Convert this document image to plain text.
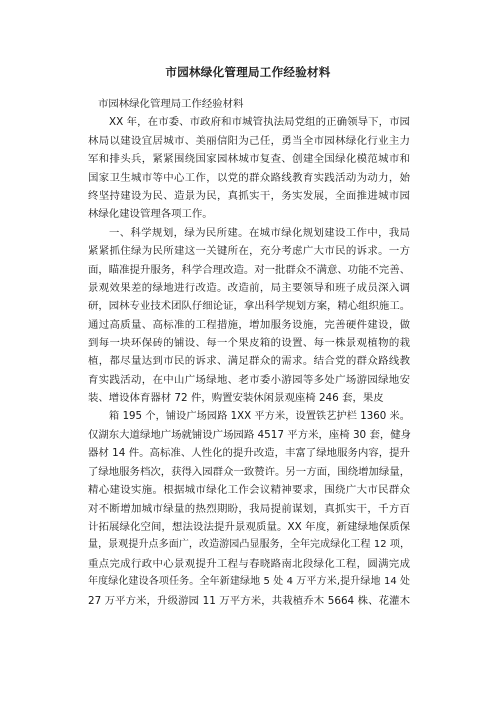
市园林绿化管理局工作经验材料
市园林绿化管理局工作经验材料
XX 年，在市委、市政府和市城管执法局党组的正确领导下，市园
林局以建设宜居城市、美丽信阳为己任，勇当全市园林绿化行业主力
军和排头兵，紧紧围绕国家园林城市复查、创建全国绿化模范城市和
国家卫生城市等中心工作，以党的群众路线教育实践活动为动力，始
终坚持建设为民、造景为民，真抓实干，务实发展，全面推进城市园
林绿化建设管理各项工作。
一、科学规划，绿为民所建。在城市绿化规划建设工作中，我局
紧紧抓住绿为民所建这一关键所在，充分考虑广大市民的诉求。一方
面，瞄准提升服务，科学合理改造。对一批群众不满意、功能不完善、
景观效果差的绿地进行改造。改造前，局主要领导和班子成员深入调
研，园林专业技术团队仔细论证，拿出科学规划方案，精心组织施工。
通过高质量、高标准的工程措施，增加服务设施，完善硬件建设，做
到每一块环保砖的铺设、每一个果皮箱的设置、每一株景观植物的栽
植，都尽量达到市民的诉求、满足群众的需求。结合党的群众路线教
育实践活动，在中山广场绿地、老市委小游园等多处广场游园绿地安
装、增设体育器材 72 件，购置安装休闲景观座椅 246 套，果皮
箱 195 个，铺设广场园路 1XX 平方米，设置铁艺护栏 1360 米。
仅湖东大道绿地广场就铺设广场园路 4517 平方米，座椅 30 套，健身
器材 14 件。高标准、人性化的提升改造，丰富了绿地服务内容，提升
了绿地服务档次，获得入园群众一致赞许。另一方面，围绕增加绿量，
精心建设实施。根据城市绿化工作会议精神要求，围绕广大市民群众
对不断增加城市绿量的热烈期盼，我局提前谋划，真抓实干，千方百
计拓展绿化空间，想法设法提升景观质量。XX 年度，新建绿地保质保
量，景观提升点多面广，改造游园凸显服务，全年完成绿化工程 12 项，
重点完成行政中心景观提升工程与春晓路南北段绿化工程，圆满完成
年度绿化建设各项任务。全年新建绿地 5 处 4 万平方米,提升绿地 14 处
27 万平方米，升级游园 11 万平方米，共栽植乔木 5664 株、花灌木
